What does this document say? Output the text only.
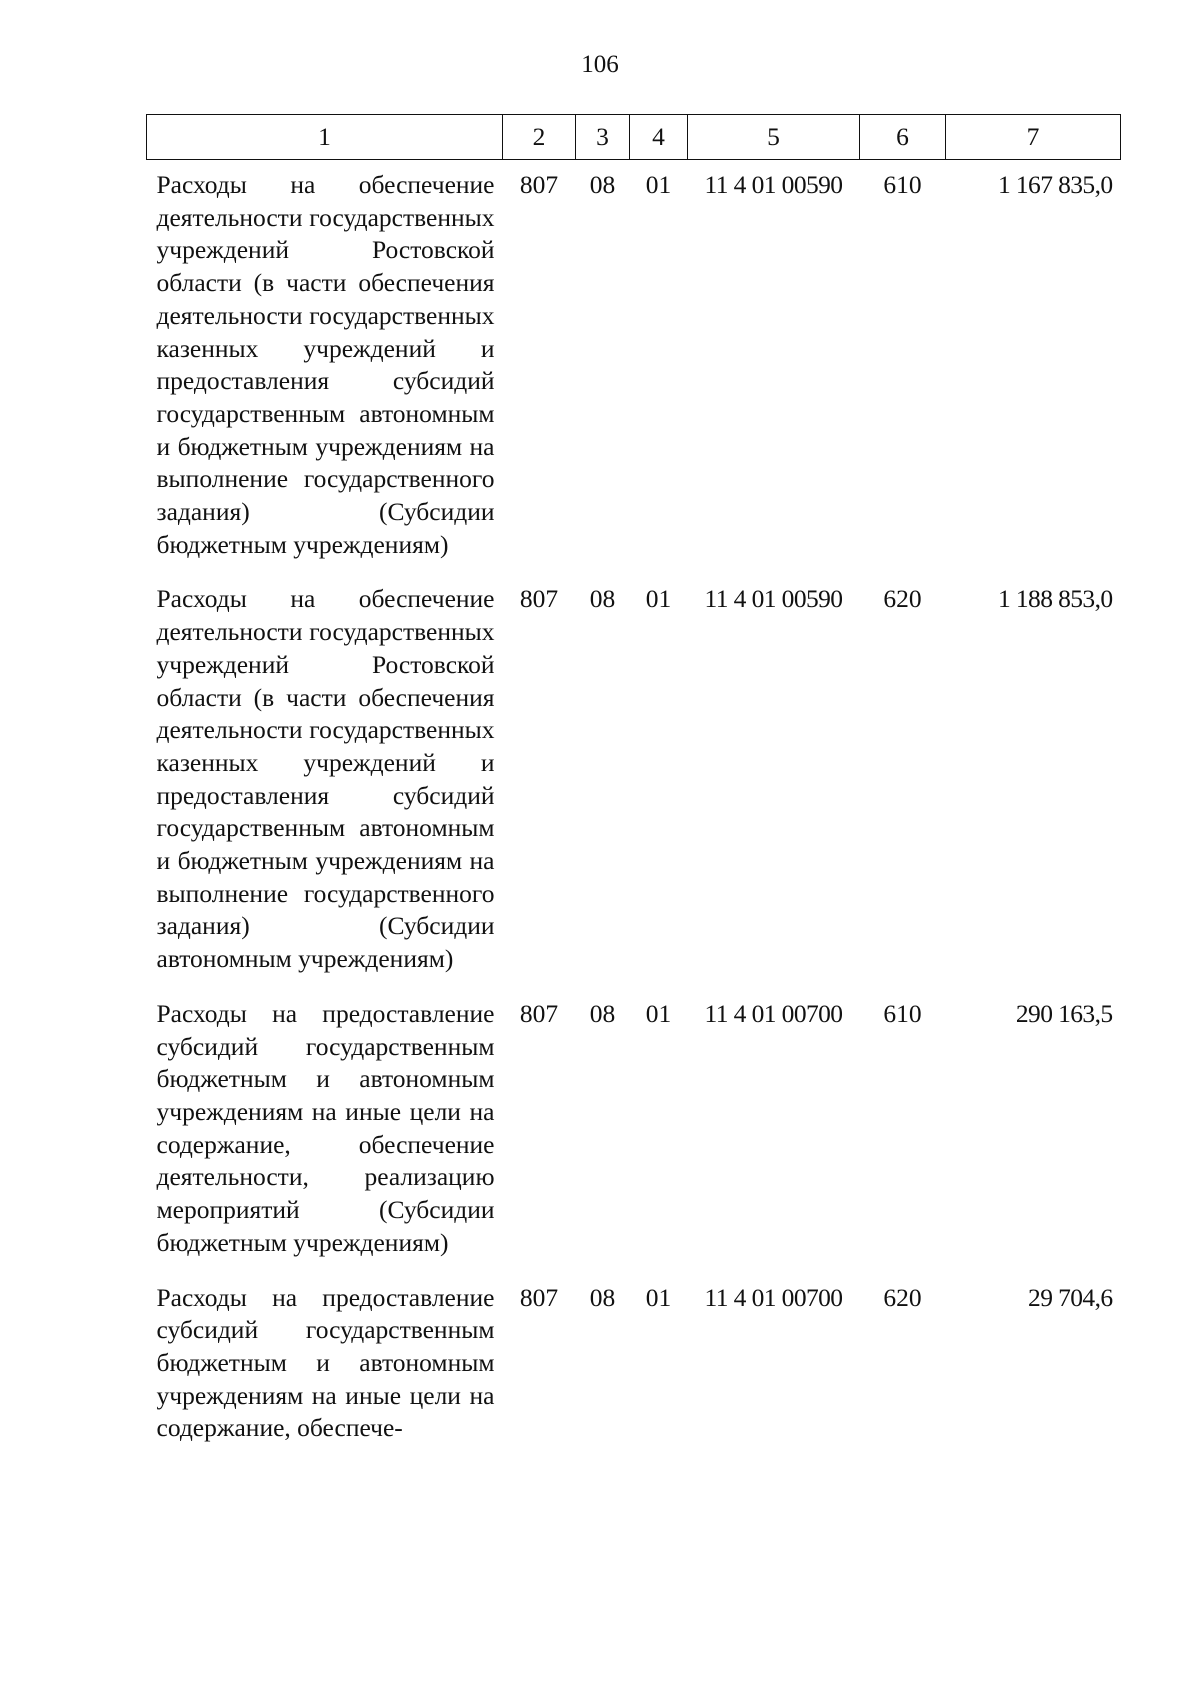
106
1	2	3	4	5	6	7
Расходы на обеспечение деятельности государственных учреждений Ростовской области (в части обеспечения деятельности государственных казенных учреждений и предоставления субсидий государственным автономным и бюджетным учреждениям на выполнение государственного задания) (Субсидии бюджетным учреждениям)	807	08	01	11 4 01 00590	610	1 167 835,0
Расходы на обеспечение деятельности государственных учреждений Ростовской области (в части обеспечения деятельности государственных казенных учреждений и предоставления субсидий государственным автономным и бюджетным учреждениям на выполнение государственного задания) (Субсидии автономным учреждениям)	807	08	01	11 4 01 00590	620	1 188 853,0
Расходы на предоставление субсидий государственным бюджетным и автономным учреждениям на иные цели на содержание, обеспечение деятельности, реализацию мероприятий (Субсидии бюджетным учреждениям)	807	08	01	11 4 01 00700	610	290 163,5
Расходы на предоставление субсидий государственным бюджетным и автономным учреждениям на иные цели на содержание, обеспече-	807	08	01	11 4 01 00700	620	29 704,6
